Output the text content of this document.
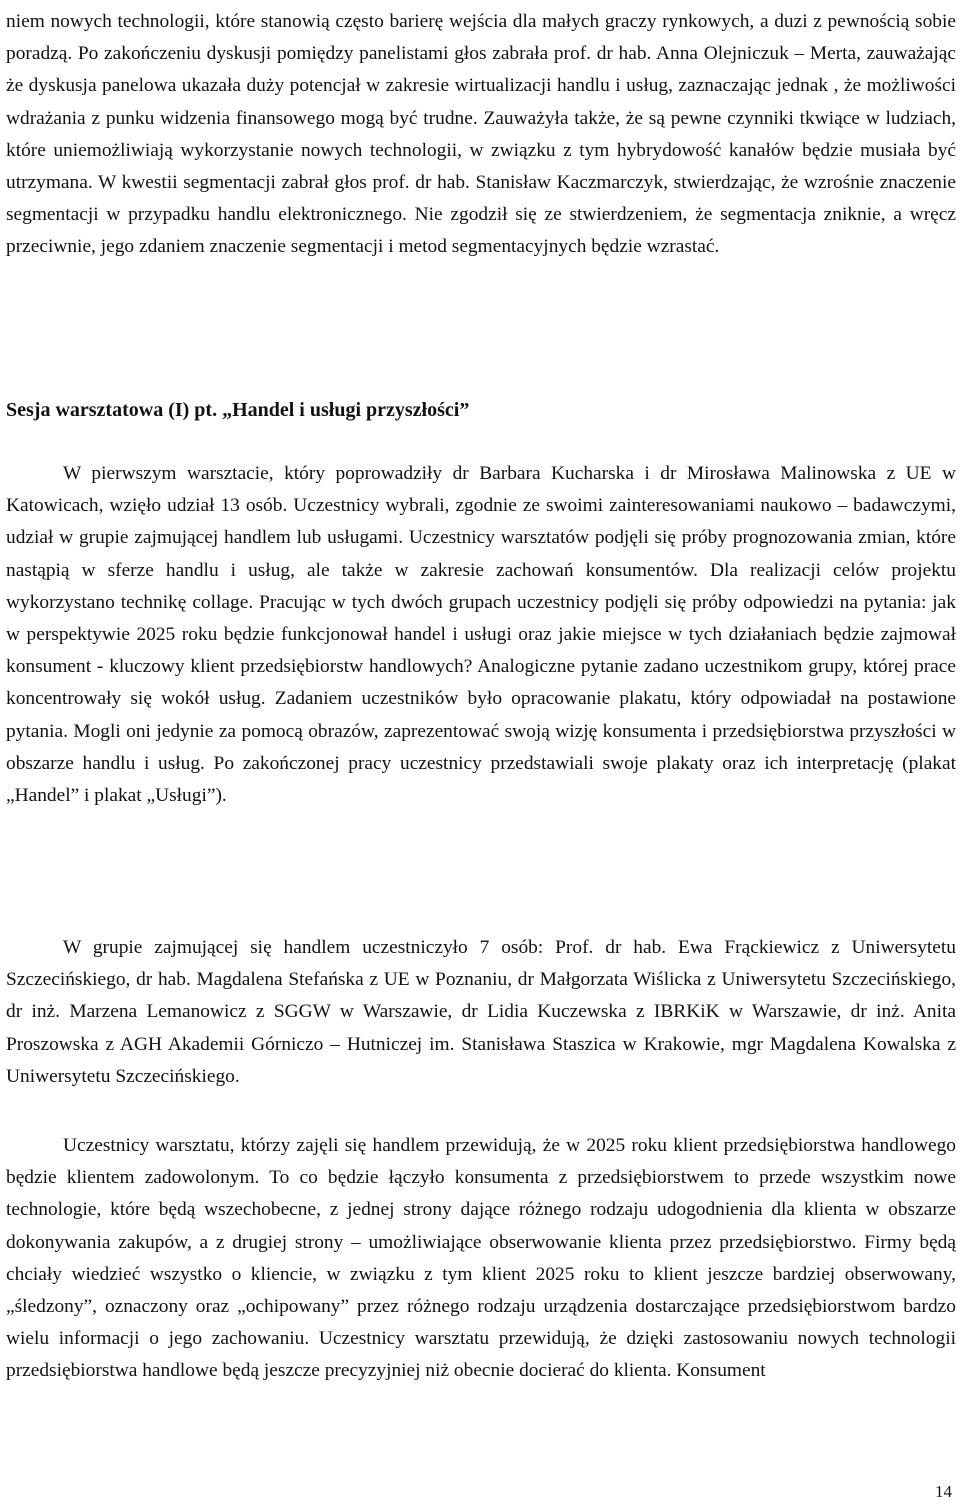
niem nowych technologii, które stanowią często barierę wejścia dla małych graczy rynkowych, a duzi z pewnością sobie poradzą. Po zakończeniu dyskusji pomiędzy panelistami głos zabrała prof. dr hab. Anna Olejniczuk – Merta, zauważając że dyskusja panelowa ukazała duży potencjał w zakresie wirtualizacji handlu i usług, zaznaczając jednak , że możliwości wdrażania z punku widzenia finansowego mogą być trudne. Zauważyła także, że są pewne czynniki tkwiące w ludziach, które uniemożliwiają wykorzystanie nowych technologii, w związku z tym hybrydowość kanałów będzie musiała być utrzymana. W kwestii segmentacji zabrał głos prof. dr hab. Stanisław Kaczmarczyk, stwierdzając, że wzrośnie znaczenie segmentacji w przypadku handlu elektronicznego. Nie zgodził się ze stwierdzeniem, że segmentacja zniknie, a wręcz przeciwnie, jego zdaniem znaczenie segmentacji i metod segmentacyjnych będzie wzrastać.

Sesja warsztatowa (I) pt. „Handel i usługi przyszłości”

W pierwszym warsztacie, który poprowadziły dr Barbara Kucharska i dr Mirosława Malinowska z UE w Katowicach, wzięło udział 13 osób. Uczestnicy wybrali, zgodnie ze swoimi zainteresowaniami naukowo – badawczymi, udział w grupie zajmującej handlem lub usługami. Uczestnicy warsztatów podjęli się próby prognozowania zmian, które nastąpią w sferze handlu i usług, ale także w zakresie zachowań konsumentów. Dla realizacji celów projektu wykorzystano technikę collage. Pracując w tych dwóch grupach uczestnicy podjęli się próby odpowiedzi na pytania: jak w perspektywie 2025 roku będzie funkcjonował handel i usługi oraz jakie miejsce w tych działaniach będzie zajmował konsument - kluczowy klient przedsiębiorstw handlowych? Analogiczne pytanie zadano uczestnikom grupy, której prace koncentrowały się wokół usług. Zadaniem uczestników było opracowanie plakatu, który odpowiadał na postawione pytania. Mogli oni jedynie za pomocą obrazów, zaprezentować swoją wizję konsumenta i przedsiębiorstwa przyszłości w obszarze handlu i usług. Po zakończonej pracy uczestnicy przedstawiali swoje plakaty oraz ich interpretację (plakat „Handel” i plakat „Usługi”).

W grupie zajmującej się handlem uczestniczyło 7 osób: Prof. dr hab. Ewa Frąckiewicz z Uniwersytetu Szczecińskiego, dr hab. Magdalena Stefańska z UE w Poznaniu, dr Małgorzata Wiślicka z Uniwersytetu Szczecińskiego, dr inż. Marzena Lemanowicz z SGGW w Warszawie, dr Lidia Kuczewska z IBRKiK w Warszawie, dr inż. Anita Proszowska z AGH Akademii Górniczo – Hutniczej im. Stanisława Staszica w Krakowie, mgr Magdalena Kowalska z Uniwersytetu Szczecińskiego.

Uczestnicy warsztatu, którzy zajęli się handlem przewidują, że w 2025 roku klient przedsiębiorstwa handlowego będzie klientem zadowolonym. To co będzie łączyło konsumenta z przedsiębiorstwem to przede wszystkim nowe technologie, które będą wszechobecne, z jednej strony dające różnego rodzaju udogodnienia dla klienta w obszarze dokonywania zakupów, a z drugiej strony – umożliwiające obserwowanie klienta przez przedsiębiorstwo. Firmy będą chciały wiedzieć wszystko o kliencie, w związku z tym klient 2025 roku to klient jeszcze bardziej obserwowany, „śledzony”, oznaczony oraz „ochipowany” przez różnego rodzaju urządzenia dostarczające przedsiębiorstwom bardzo wielu informacji o jego zachowaniu. Uczestnicy warsztatu przewidują, że dzięki zastosowaniu nowych technologii przedsiębiorstwa handlowe będą jeszcze precyzyjniej niż obecnie docierać do klienta. Konsument

14
